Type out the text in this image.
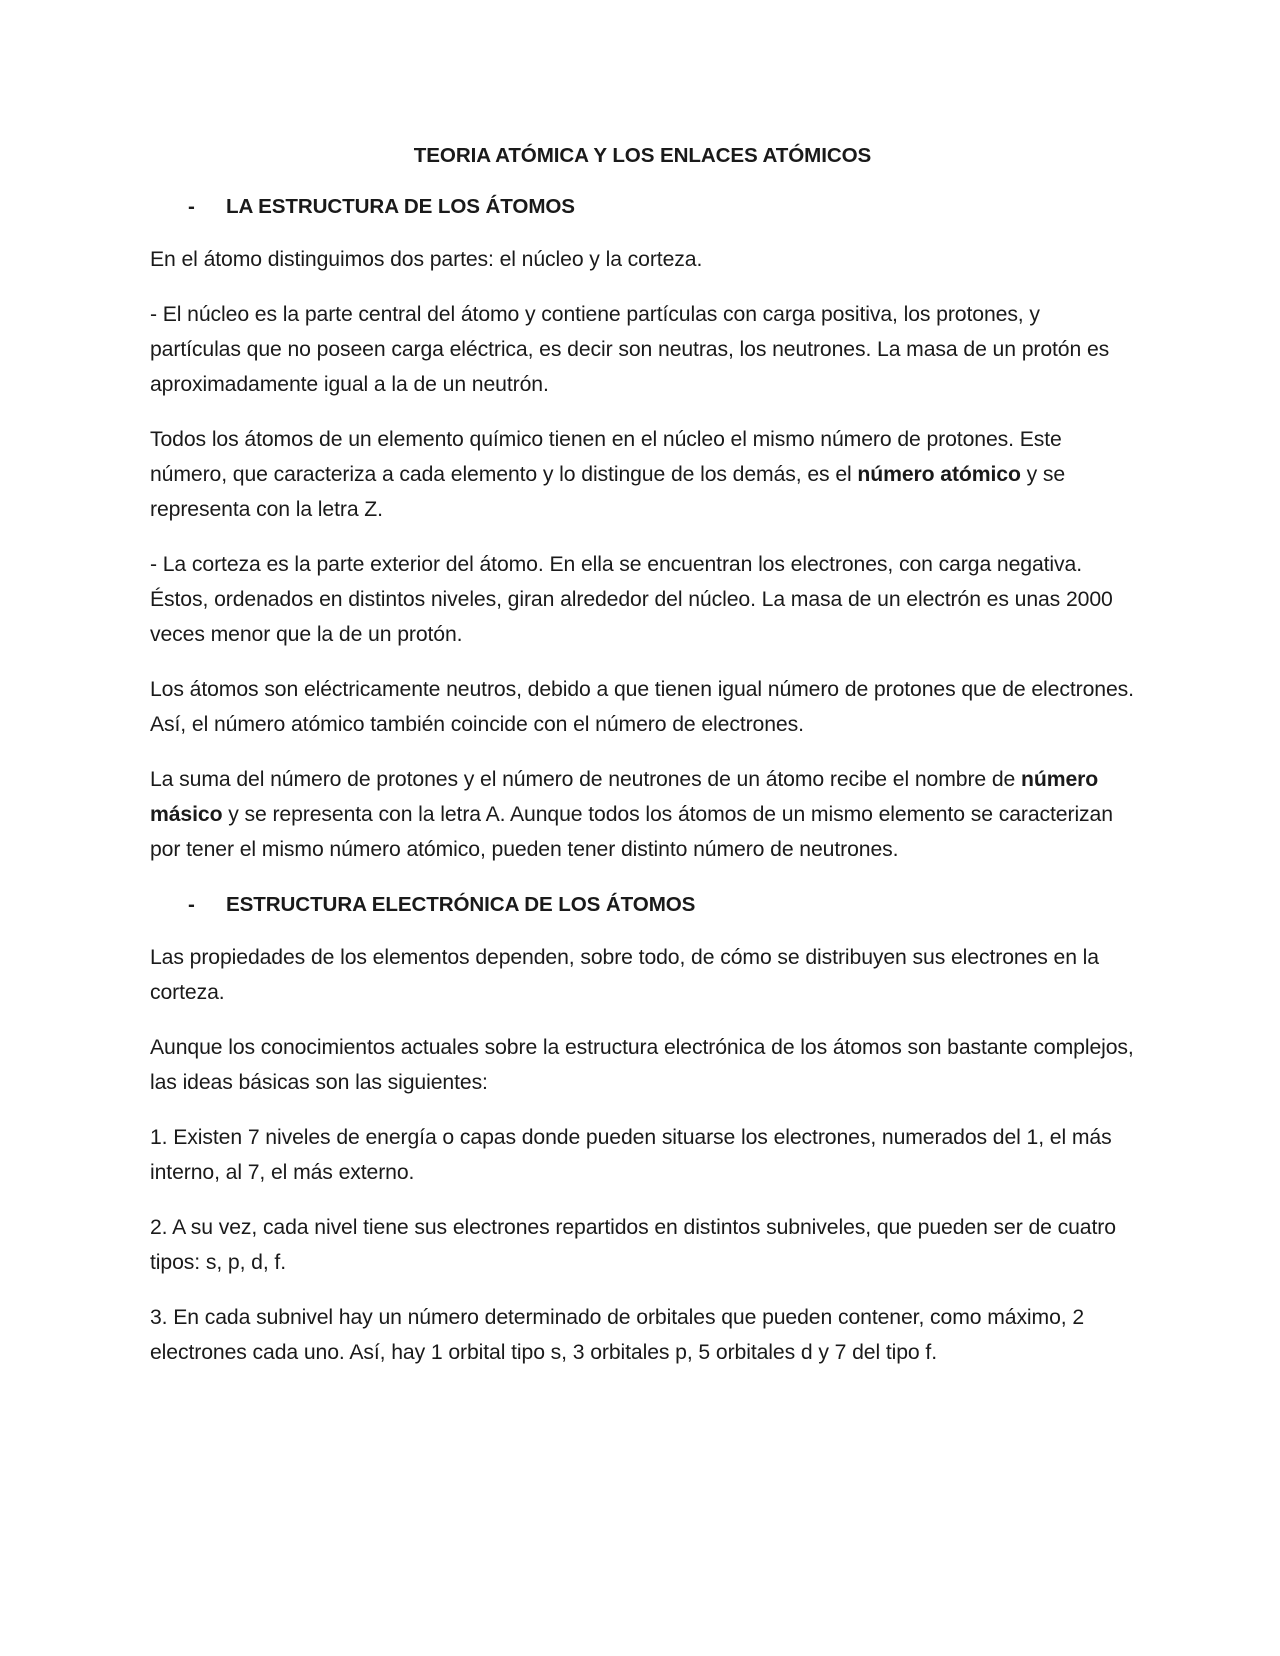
TEORIA ATÓMICA Y LOS ENLACES ATÓMICOS
-	LA ESTRUCTURA DE LOS ÁTOMOS

En el átomo distinguimos dos partes: el núcleo y la corteza.

- El núcleo es la parte central del átomo y contiene partículas con carga positiva, los protones, y partículas que no poseen carga eléctrica, es decir son neutras, los neutrones. La masa de un protón es aproximadamente igual a la de un neutrón.

Todos los átomos de un elemento químico tienen en el núcleo el mismo número de protones. Este número, que caracteriza a cada elemento y lo distingue de los demás, es el número atómico y se representa con la letra Z.

- La corteza es la parte exterior del átomo. En ella se encuentran los electrones, con carga negativa. Éstos, ordenados en distintos niveles, giran alrededor del núcleo. La masa de un electrón es unas 2000 veces menor que la de un protón.

Los átomos son eléctricamente neutros, debido a que tienen igual número de protones que de electrones. Así, el número atómico también coincide con el número de electrones.

La suma del número de protones y el número de neutrones de un átomo recibe el nombre de número másico y se representa con la letra A. Aunque todos los átomos de un mismo elemento se caracterizan por tener el mismo número atómico, pueden tener distinto número de neutrones.

-	ESTRUCTURA ELECTRÓNICA DE LOS ÁTOMOS

Las propiedades de los elementos dependen, sobre todo, de cómo se distribuyen sus electrones en la corteza.

Aunque los conocimientos actuales sobre la estructura electrónica de los átomos son bastante complejos, las ideas básicas son las siguientes:

1. Existen 7 niveles de energía o capas donde pueden situarse los electrones, numerados del 1, el más interno, al 7, el más externo.

2. A su vez, cada nivel tiene sus electrones repartidos en distintos subniveles, que pueden ser de cuatro tipos: s, p, d, f.

3. En cada subnivel hay un número determinado de orbitales que pueden contener, como máximo, 2 electrones cada uno. Así, hay 1 orbital tipo s, 3 orbitales p, 5 orbitales d y 7 del tipo f.
